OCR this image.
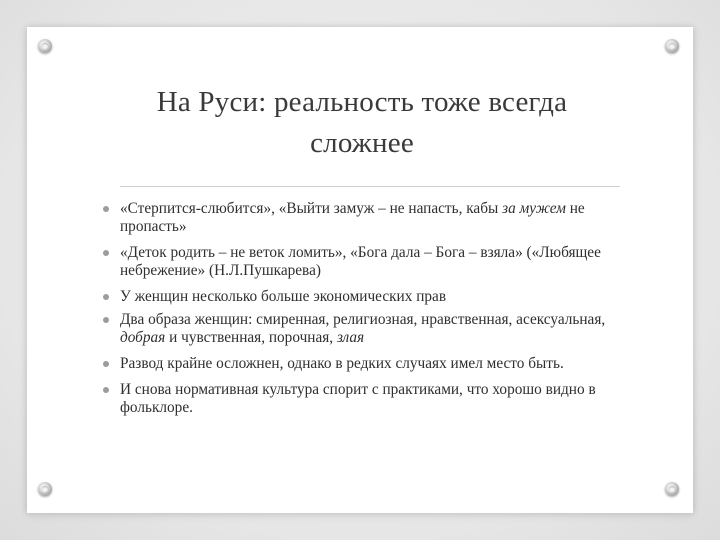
На Руси: реальность тоже всегда сложнее
«Стерпится-слюбится», «Выйти замуж – не напасть, кабы за мужем не пропасть»
«Деток родить – не веток ломить», «Бога дала – Бога – взяла» («Любящее небрежение» (Н.Л.Пушкарева)
У женщин несколько больше экономических прав
Два образа женщин: смиренная, религиозная, нравственная, асексуальная, добрая и чувственная, порочная, злая
Развод крайне осложнен, однако в редких случаях имел место быть.
И снова нормативная культура спорит с практиками, что хорошо видно в фольклоре.
